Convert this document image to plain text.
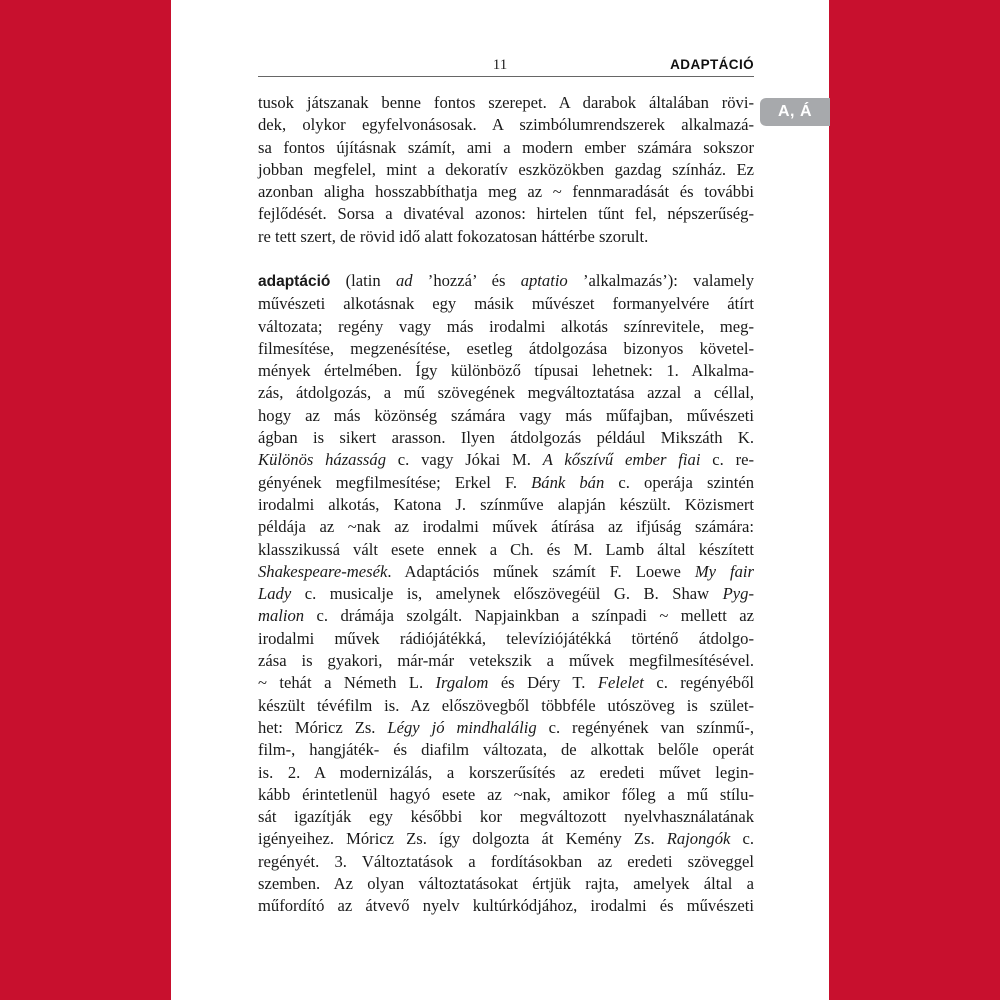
11	ADAPTÁCIÓ
A, Á
tusok játszanak benne fontos szerepet. A darabok általában rövi-
dek, olykor egyfelvonásosak. A szimbólumrendszerek alkalmazá-
sa fontos újításnak számít, ami a modern ember számára sokszor
jobban megfelel, mint a dekoratív eszközökben gazdag színház. Ez
azonban aligha hosszabbíthatja meg az ~ fennmaradását és további
fejlődését. Sorsa a divatéval azonos: hirtelen tűnt fel, népszerűség-
re tett szert, de rövid idő alatt fokozatosan háttérbe szorult.
adaptáció (latin ad ’hozzá’ és aptatio ’alkalmazás’): valamely
művészeti alkotásnak egy másik művészet formanyelvére átírt
változata; regény vagy más irodalmi alkotás színrevitele, meg-
filmesítése, megzenésítése, esetleg átdolgozása bizonyos követel-
mények értelmében. Így különböző típusai lehetnek: 1. Alkalma-
zás, átdolgozás, a mű szövegének megváltoztatása azzal a céllal,
hogy az más közönség számára vagy más műfajban, művészeti
ágban is sikert arasson. Ilyen átdolgozás például Mikszáth K.
Különös házasság c. vagy Jókai M. A kőszívű ember fiai c. re-
gényének megfilmesítése; Erkel F. Bánk bán c. operája szintén
irodalmi alkotás, Katona J. színműve alapján készült. Közismert
példája az ~nak az irodalmi művek átírása az ifjúság számára:
klasszikussá vált esete ennek a Ch. és M. Lamb által készített
Shakespeare-mesék. Adaptációs műnek számít F. Loewe My fair
Lady c. musicalje is, amelynek előszövegéül G. B. Shaw Pyg-
malion c. drámája szolgált. Napjainkban a színpadi ~ mellett az
irodalmi művek rádiójátékká, televíziójátékká történő átdolgo-
zása is gyakori, már-már vetekszik a művek megfilmesítésével.
~ tehát a Németh L. Irgalom és Déry T. Felelet c. regényéből
készült tévéfilm is. Az előszövegből többféle utószöveg is szület-
het: Móricz Zs. Légy jó mindhalálig c. regényének van színmű-,
film-, hangjáték- és diafilm változata, de alkottak belőle operát
is. 2. A modernizálás, a korszerűsítés az eredeti művet legin-
kább érintetlenül hagyó esete az ~nak, amikor főleg a mű stílu-
sát igazítják egy későbbi kor megváltozott nyelvhasználatának
igényeihez. Móricz Zs. így dolgozta át Kemény Zs. Rajongók c.
regényét. 3. Változtatások a fordításokban az eredeti szöveggel
szemben. Az olyan változtatásokat értjük rajta, amelyek által a
műfordító az átvevő nyelv kultúrkódjához, irodalmi és művészeti
